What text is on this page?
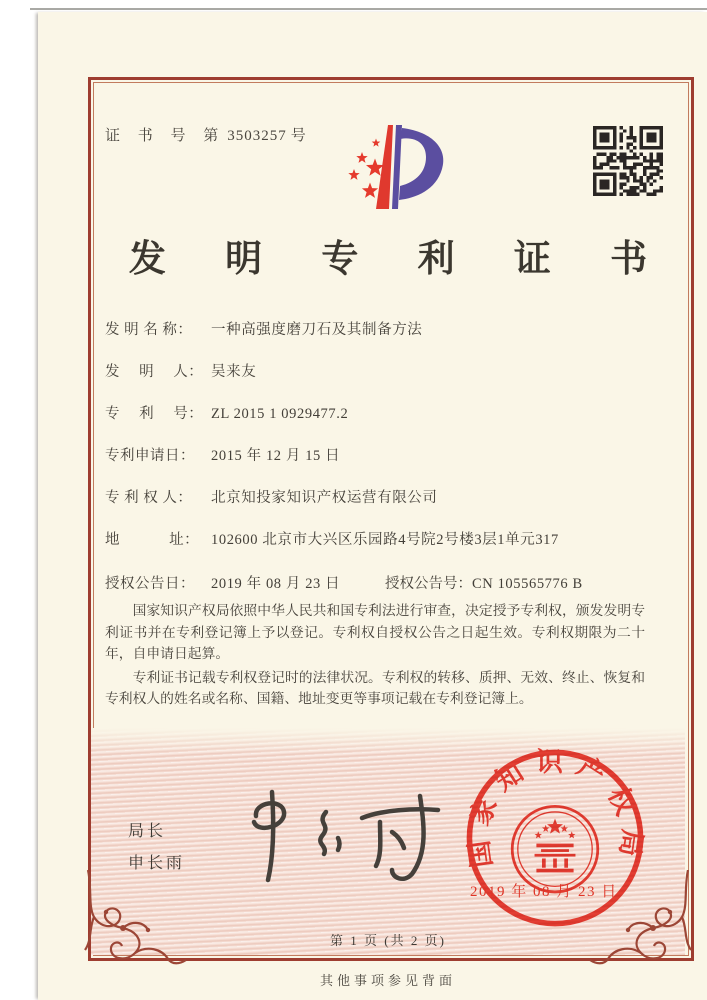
证 书 号 第 3503257 号
发 明 专 利 证 书
发 明 名 称： 一种高强度磨刀石及其制备方法
发　 明　 人： 吴来友
专　 利　 号： ZL 2015 1 0929477.2
专利申请日： 2015 年 12 月 15 日
专 利 权 人： 北京知投家知识产权运营有限公司
地　　　 址： 102600 北京市大兴区乐园路4号院2号楼3层1单元317
授权公告日： 2019 年 08 月 23 日	授权公告号：CN 105565776 B

国家知识产权局依照中华人民共和国专利法进行审查，决定授予专利权，颁发发明专利证书并在专利登记簿上予以登记。专利权自授权公告之日起生效。专利权期限为二十年，自申请日起算。

专利证书记载专利权登记时的法律状况。专利权的转移、质押、无效、终止、恢复和专利权人的姓名或名称、国籍、地址变更等事项记载在专利登记簿上。

局长
申长雨	国家知识产权局
2019 年 08 月 23 日
第 1 页 (共 2 页)
其他事项参见背面
